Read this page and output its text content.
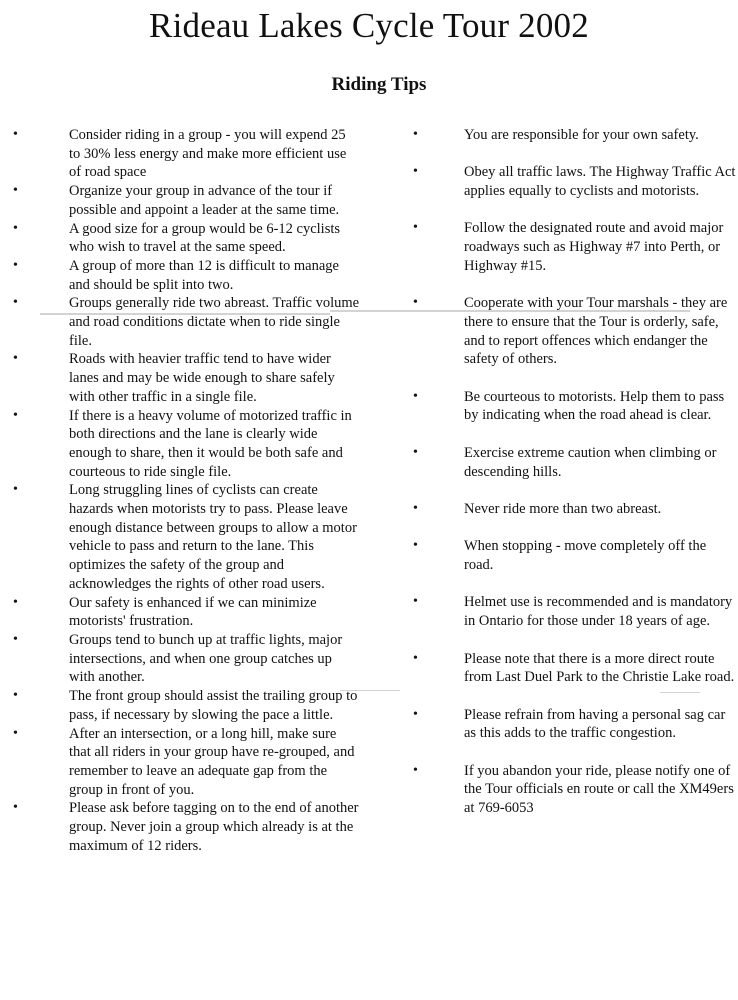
Rideau Lakes Cycle Tour 2002
Riding Tips
•	Consider riding in a group - you will expend 25 to 30% less energy and make more efficient use of road space
•	Organize your group in advance of the tour if possible and appoint a leader at the same time.
•	A good size for a group would be 6-12 cyclists who wish to travel at the same speed.
•	A group of more than 12 is difficult to manage and should be split into two.
•	Groups generally ride two abreast. Traffic volume and road conditions dictate when to ride single file.
•	Roads with heavier traffic tend to have wider lanes and may be wide enough to share safely with other traffic in a single file.
•	If there is a heavy volume of motorized traffic in both directions and the lane is clearly wide enough to share, then it would be both safe and courteous to ride single file.
•	Long struggling lines of cyclists can create hazards when motorists try to pass. Please leave enough distance between groups to allow a motor vehicle to pass and return to the lane. This optimizes the safety of the group and acknowledges the rights of other road users.
•	Our safety is enhanced if we can minimize motorists' frustration.
•	Groups tend to bunch up at traffic lights, major intersections, and when one group catches up with another.
•	The front group should assist the trailing group to pass, if necessary by slowing the pace a little.
•	After an intersection, or a long hill, make sure that all riders in your group have re-grouped, and remember to leave an adequate gap from the group in front of you.
•	Please ask before tagging on to the end of another group. Never join a group which already is at the maximum of 12 riders.
•	You are responsible for your own safety.
•	Obey all traffic laws. The Highway Traffic Act applies equally to cyclists and motorists.
•	Follow the designated route and avoid major roadways such as Highway #7 into Perth, or Highway #15.
•	Cooperate with your Tour marshals - they are there to ensure that the Tour is orderly, safe, and to report offences which endanger the safety of others.
•	Be courteous to motorists. Help them to pass by indicating when the road ahead is clear.
•	Exercise extreme caution when climbing or descending hills.
•	Never ride more than two abreast.
•	When stopping - move completely off the road.
•	Helmet use is recommended and is mandatory in Ontario for those under 18 years of age.
•	Please note that there is a more direct route from Last Duel Park to the Christie Lake road.
•	Please refrain from having a personal sag car as this adds to the traffic congestion.
•	If you abandon your ride, please notify one of the Tour officials en route or call the XM49ers at 769-6053
